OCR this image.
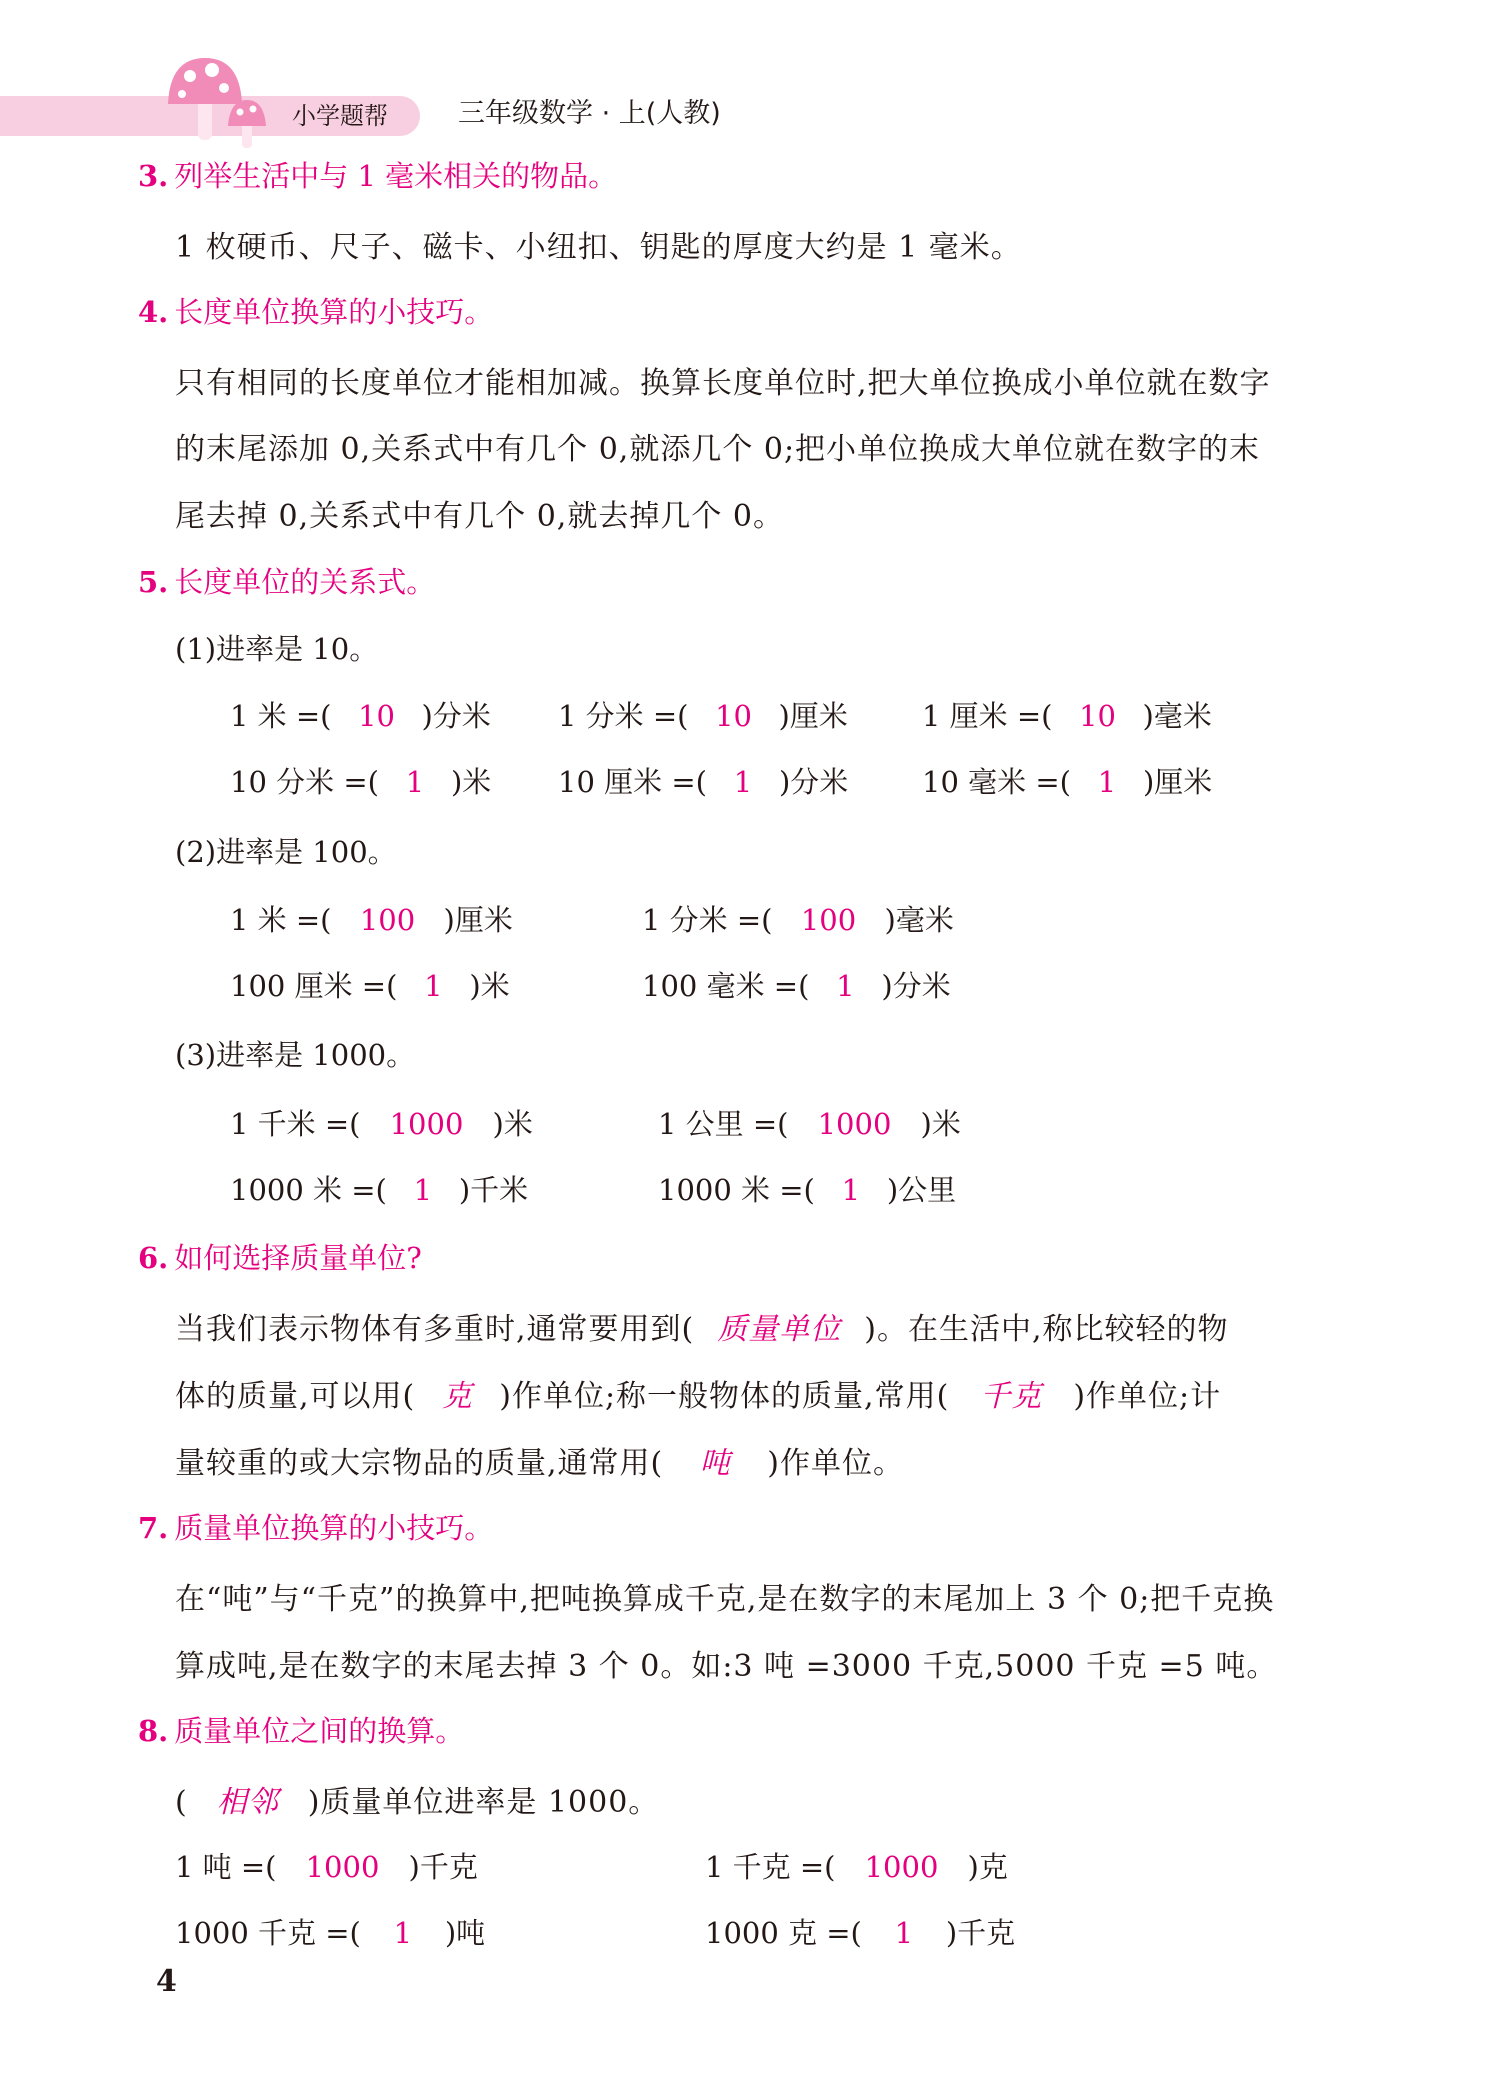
小学题帮	三年级数学 · 上(人教)
3. 列举生活中与 1 毫米相关的物品。
1 枚硬币、尺子、磁卡、小纽扣、钥匙的厚度大约是 1 毫米。
4. 长度单位换算的小技巧。
只有相同的长度单位才能相加减。换算长度单位时,把大单位换成小单位就在数字
的末尾添加 0,关系式中有几个 0,就添几个 0;把小单位换成大单位就在数字的末
尾去掉 0,关系式中有几个 0,就去掉几个 0。
5. 长度单位的关系式。
(1)进率是 10。
1 米 =( 10 )分米 1 分米 =( 10 )厘米	1 厘米 =( 10 )毫米
10 分米 =( 1 )米 10 厘米 =( 1 )分米	10 毫米 =( 1 )厘米
(2)进率是 100。
1 米 =( 100 )厘米	1 分米 =( 100 )毫米
100 厘米 =( 1 )米	100 毫米 =( 1 )分米
(3)进率是 1000。
1 千米 =( 1000 )米	1 公里 =( 1000 )米
1000 米 =( 1 )千米	1000 米 =( 1 )公里
6. 如何选择质量单位?
当我们表示物体有多重时,通常要用到( 质量单位 )。在生活中,称比较轻的物
体的质量,可以用( 克 )作单位;称一般物体的质量,常用( 千克 )作单位;计
量较重的或大宗物品的质量,通常用( 吨 )作单位。
7. 质量单位换算的小技巧。
在“吨”与“千克”的换算中,把吨换算成千克,是在数字的末尾加上 3 个 0;把千克换
算成吨,是在数字的末尾去掉 3 个 0。如:3 吨 =3000 千克,5000 千克 =5 吨。
8. 质量单位之间的换算。
( 相邻 )质量单位进率是 1000。
1 吨 =( 1000 )千克	1 千克 =( 1000 )克
1000 千克 =( 1 )吨	1000 克 =( 1 )千克
4
